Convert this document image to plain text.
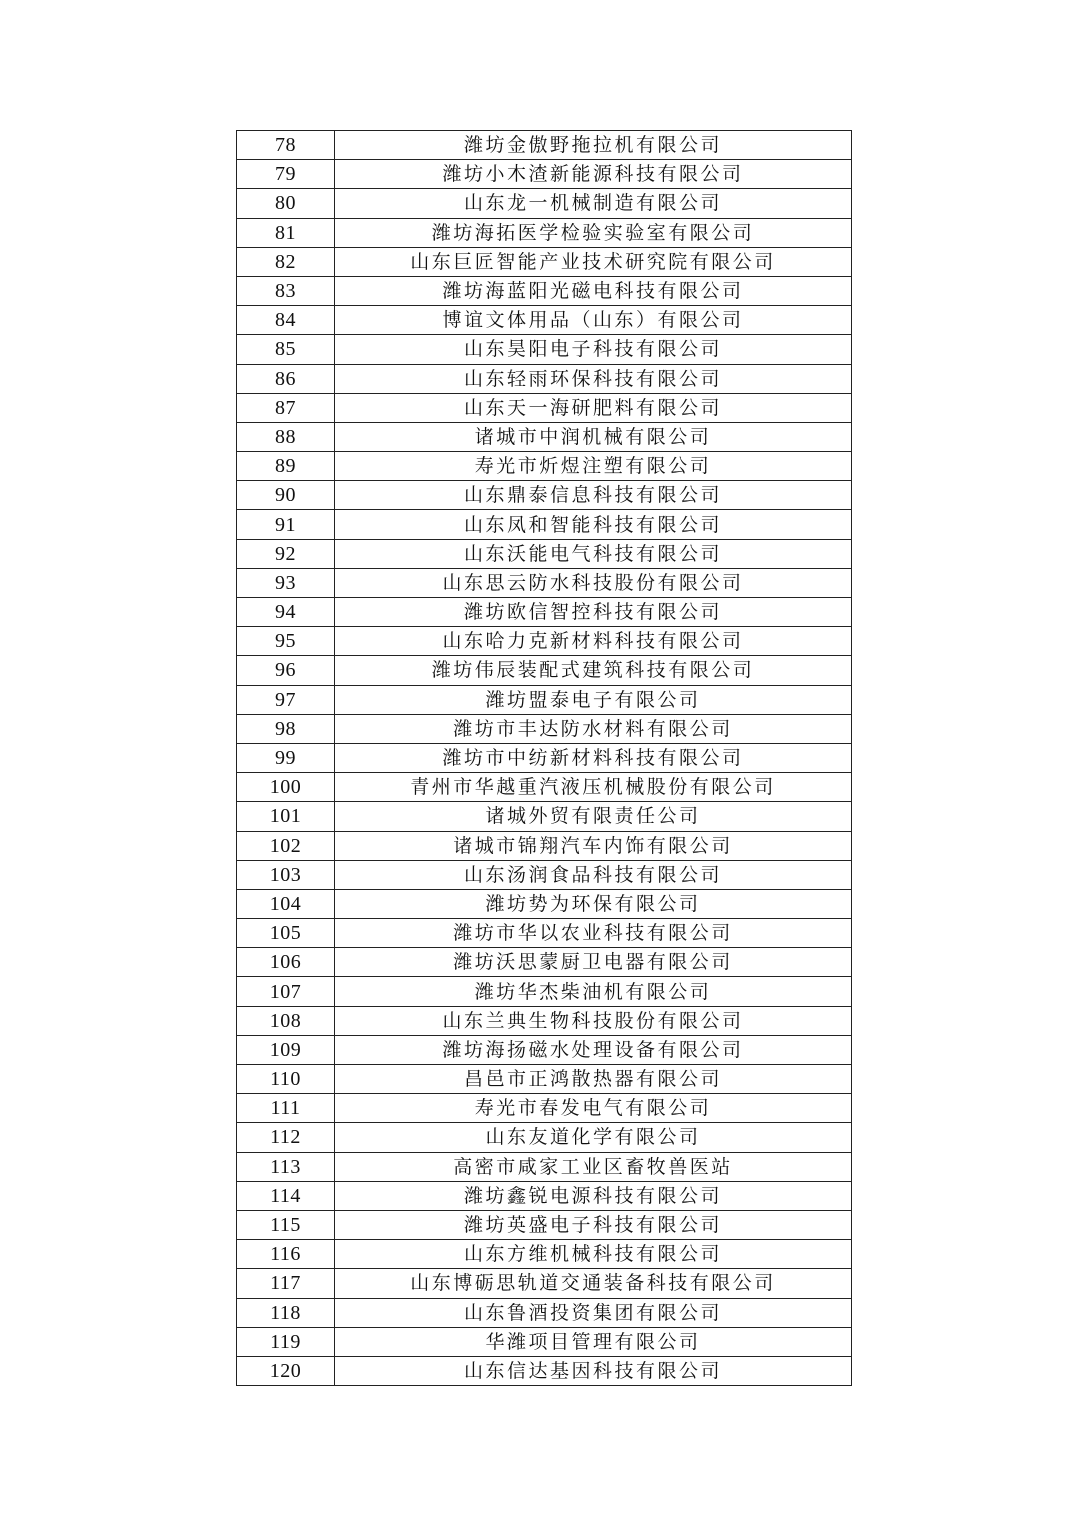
78	潍坊金傲野拖拉机有限公司
79	潍坊小木渣新能源科技有限公司
80	山东龙一机械制造有限公司
81	潍坊海拓医学检验实验室有限公司
82	山东巨匠智能产业技术研究院有限公司
83	潍坊海蓝阳光磁电科技有限公司
84	博谊文体用品（山东）有限公司
85	山东昊阳电子科技有限公司
86	山东轻雨环保科技有限公司
87	山东天一海研肥料有限公司
88	诸城市中润机械有限公司
89	寿光市炘煜注塑有限公司
90	山东鼎泰信息科技有限公司
91	山东凤和智能科技有限公司
92	山东沃能电气科技有限公司
93	山东思云防水科技股份有限公司
94	潍坊欧信智控科技有限公司
95	山东哈力克新材料科技有限公司
96	潍坊伟辰装配式建筑科技有限公司
97	潍坊盟泰电子有限公司
98	潍坊市丰达防水材料有限公司
99	潍坊市中纺新材料科技有限公司
100	青州市华越重汽液压机械股份有限公司
101	诸城外贸有限责任公司
102	诸城市锦翔汽车内饰有限公司
103	山东汤润食品科技有限公司
104	潍坊势为环保有限公司
105	潍坊市华以农业科技有限公司
106	潍坊沃思蒙厨卫电器有限公司
107	潍坊华杰柴油机有限公司
108	山东兰典生物科技股份有限公司
109	潍坊海扬磁水处理设备有限公司
110	昌邑市正鸿散热器有限公司
111	寿光市春发电气有限公司
112	山东友道化学有限公司
113	高密市咸家工业区畜牧兽医站
114	潍坊鑫锐电源科技有限公司
115	潍坊英盛电子科技有限公司
116	山东方维机械科技有限公司
117	山东博砺思轨道交通装备科技有限公司
118	山东鲁酒投资集团有限公司
119	华潍项目管理有限公司
120	山东信达基因科技有限公司
